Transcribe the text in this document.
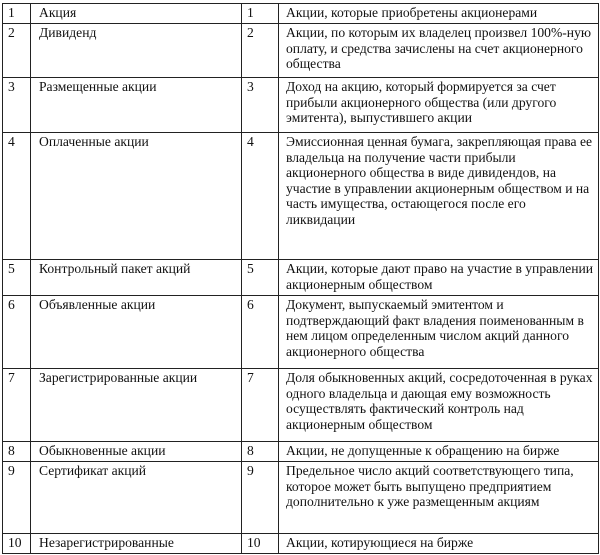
1	Акция	1	Акции, которые приобретены акционерами
2	Дивиденд	2	Акции, по которым их владелец произвел 100%-ную оплату, и средства зачислены на счет акционерного общества
3	Размещенные акции	3	Доход на акцию, который формируется за счет прибыли акционерного общества (или другого эмитента), выпустившего акции
4	Оплаченные акции	4	Эмиссионная ценная бумага, закрепляющая права ее владельца на получение части прибыли акционерного общества в виде дивидендов, на участие в управлении акционерным обществом и на часть имущества, остающегося после его ликвидации
5	Контрольный пакет акций	5	Акции, которые дают право на участие в управлении акционерным обществом
6	Объявленные акции	6	Документ, выпускаемый эмитентом и подтверждающий факт владения поименованным в нем лицом определенным числом акций данного акционерного общества
7	Зарегистрированные акции	7	Доля обыкновенных акций, сосредоточенная в руках одного владельца и дающая ему возможность осуществлять фактический контроль над акционерным обществом
8	Обыкновенные акции	8	Акции, не допущенные к обращению на бирже
9	Сертификат акций	9	Предельное число акций соответствующего типа, которое может быть выпущено предприятием дополнительно к уже размещенным акциям
10	Незарегистрированные	10	Акции, котирующиеся на бирже
